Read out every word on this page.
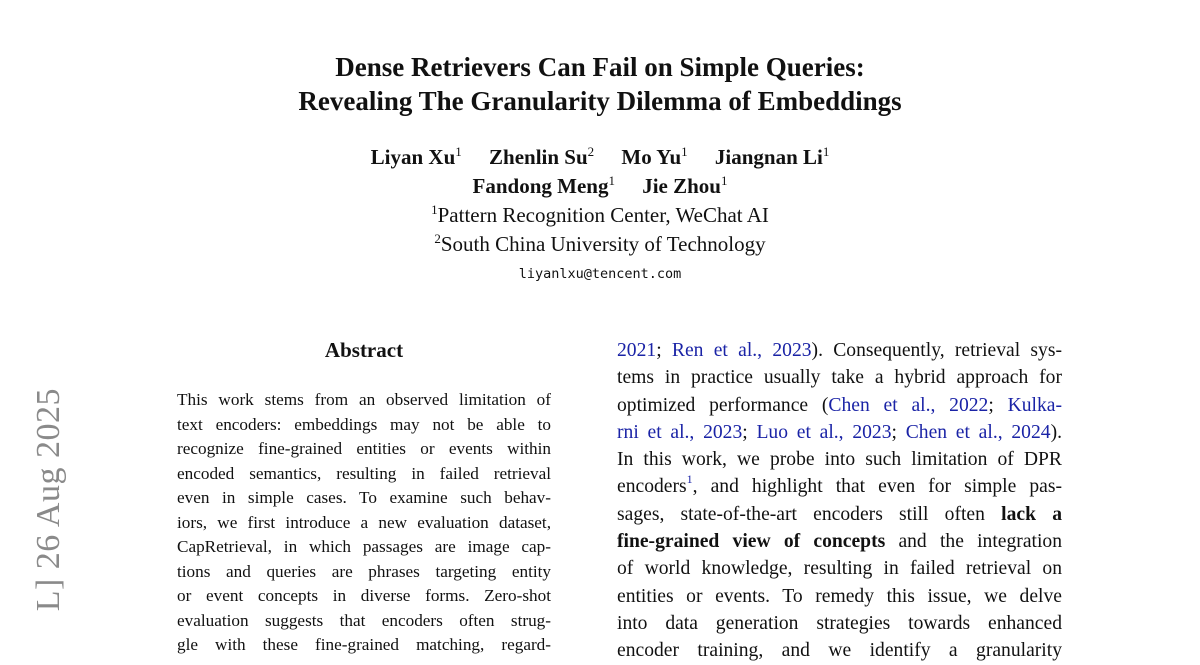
L] 26 Aug 2025
Dense Retrievers Can Fail on Simple Queries:
Revealing The Granularity Dilemma of Embeddings
Liyan Xu$^1$ Zhenlin Su$^2$ Mo Yu$^1$ Jiangnan Li$^1$
Fandong Meng$^1$ Jie Zhou$^1$
$^1$Pattern Recognition Center, WeChat AI
$^2$South China University of Technology
liyanlxu@tencent.com
Abstract
This work stems from an observed limitation of
text encoders: embeddings may not be able to
recognize fine-grained entities or events within
encoded semantics, resulting in failed retrieval
even in simple cases. To examine such behav-
iors, we first introduce a new evaluation dataset,
CapRetrieval, in which passages are image cap-
tions and queries are phrases targeting entity
or event concepts in diverse forms. Zero-shot
evaluation suggests that encoders often strug-
gle with these fine-grained matching, regard-
2021; Ren et al., 2023). Consequently, retrieval sys-
tems in practice usually take a hybrid approach for
optimized performance (Chen et al., 2022; Kulka-
rni et al., 2023; Luo et al., 2023; Chen et al., 2024).
In this work, we probe into such limitation of DPR
encoders$^1$, and highlight that even for simple pas-
sages, state-of-the-art encoders still often lack a
fine-grained view of concepts and the integration
of world knowledge, resulting in failed retrieval on
entities or events. To remedy this issue, we delve
into data generation strategies towards enhanced
encoder training, and we identify a granularity
